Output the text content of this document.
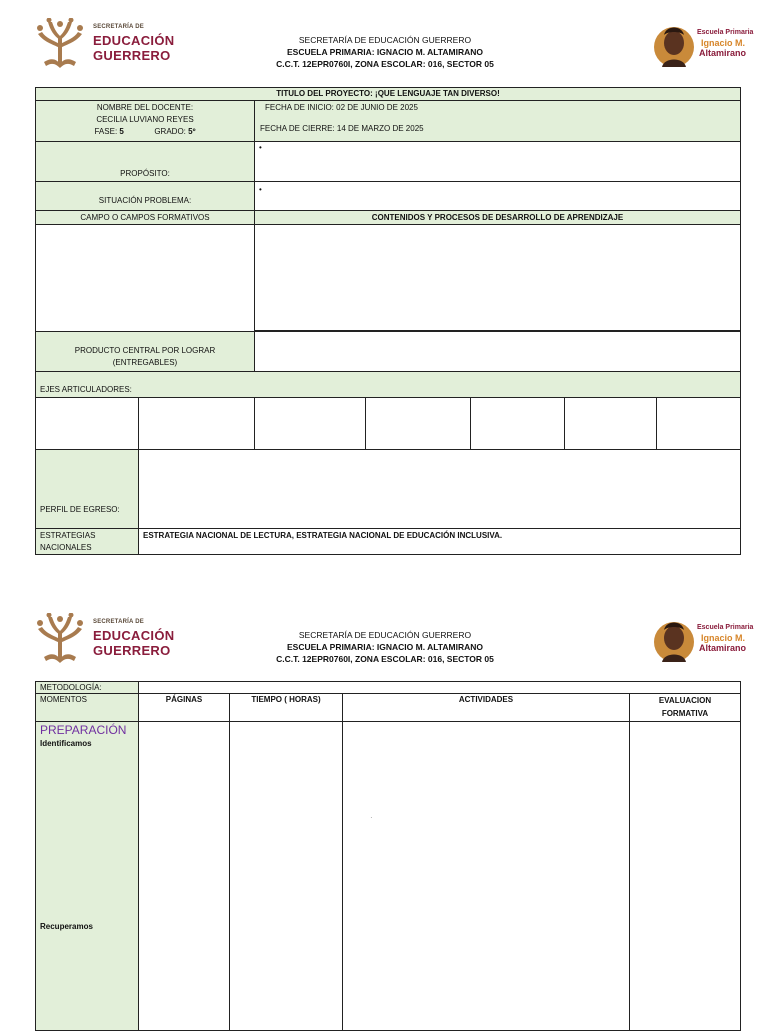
SECRETARÍA DE
EDUCACIÓN
GUERRERO
SECRETARÍA DE EDUCACIÓN GUERRERO
ESCUELA PRIMARIA: IGNACIO M. ALTAMIRANO
C.C.T. 12EPR0760I, ZONA ESCOLAR: 016, SECTOR 05
Escuela Primaria
Ignacio M.
Altamirano
TITULO DEL PROYECTO: ¡QUE LENGUAJE TAN DIVERSO!
NOMBRE DEL DOCENTE:
CECILIA LUVIANO REYES
FASE: 5	GRADO: 5º
FECHA DE INICIO: 02 DE JUNIO DE 2025
FECHA DE CIERRE: 14 DE MARZO DE 2025
PROPÓSITO:
•
SITUACIÓN PROBLEMA:
•
CAMPO O CAMPOS FORMATIVOS	CONTENIDOS Y PROCESOS DE DESARROLLO DE APRENDIZAJE
PRODUCTO CENTRAL POR LOGRAR
(ENTREGABLES)
EJES ARTICULADORES:
PERFIL DE EGRESO:
ESTRATEGIAS
NACIONALES
ESTRATEGIA NACIONAL DE LECTURA, ESTRATEGIA NACIONAL DE EDUCACIÓN INCLUSIVA.
SECRETARÍA DE
EDUCACIÓN
GUERRERO
SECRETARÍA DE EDUCACIÓN GUERRERO
ESCUELA PRIMARIA: IGNACIO M. ALTAMIRANO
C.C.T. 12EPR0760I, ZONA ESCOLAR: 016, SECTOR 05
Escuela Primaria
Ignacio M.
Altamirano
METODOLOGÍA:
MOMENTOS	PÁGINAS	TIEMPO ( HORAS)	ACTIVIDADES	EVALUACION FORMATIVA
PREPARACIÓN
Identificamos
Recuperamos
·
